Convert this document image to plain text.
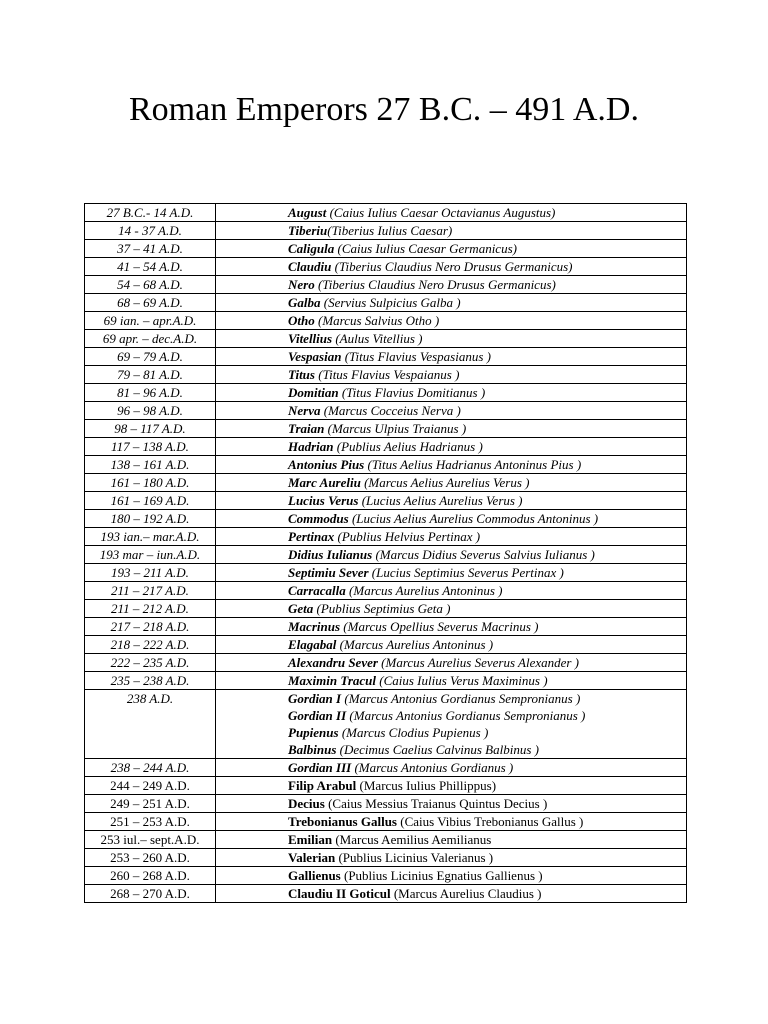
Roman Emperors 27 B.C. – 491 A.D.
27 B.C.- 14 A.D.	August (Caius Iulius Caesar Octavianus Augustus)

14 - 37 A.D.	Tiberiu(Tiberius Iulius Caesar)

37 – 41 A.D.	Caligula (Caius Iulius Caesar Germanicus)

41 – 54 A.D.	Claudiu (Tiberius Claudius Nero Drusus Germanicus)

54 – 68 A.D.	Nero (Tiberius Claudius Nero Drusus Germanicus)

68 – 69 A.D.	Galba (Servius Sulpicius Galba )

69 ian. – apr.A.D.	Otho (Marcus Salvius Otho )

69 apr. – dec.A.D.	Vitellius (Aulus Vitellius )

69 – 79 A.D.	Vespasian (Titus Flavius Vespasianus )

79 – 81 A.D.	Titus (Titus Flavius Vespaianus )

81 – 96 A.D.	Domitian (Titus Flavius Domitianus )

96 – 98 A.D.	Nerva (Marcus Cocceius Nerva )

98 – 117 A.D.	Traian (Marcus Ulpius Traianus )

117 – 138 A.D.	Hadrian (Publius Aelius Hadrianus )

138 – 161 A.D.	Antonius Pius (Titus Aelius Hadrianus Antoninus Pius )

161 – 180 A.D.	Marc Aureliu (Marcus Aelius Aurelius Verus )

161 – 169 A.D.	Lucius Verus (Lucius Aelius Aurelius Verus )

180 – 192 A.D.	Commodus (Lucius Aelius Aurelius Commodus Antoninus )

193 ian.– mar.A.D.	Pertinax (Publius Helvius Pertinax )

193 mar – iun.A.D.	Didius Iulianus (Marcus Didius Severus Salvius Iulianus )

193 – 211 A.D.	Septimiu Sever (Lucius Septimius Severus Pertinax )

211 – 217 A.D.	Carracalla (Marcus Aurelius Antoninus )

211 – 212 A.D.	Geta (Publius Septimius Geta )

217 – 218 A.D.	Macrinus (Marcus Opellius Severus Macrinus )

218 – 222 A.D.	Elagabal (Marcus Aurelius Antoninus )

222 – 235 A.D.	Alexandru Sever (Marcus Aurelius Severus Alexander )

235 – 238 A.D.	Maximin Tracul (Caius Iulius Verus Maximinus )

238 A.D.	Gordian I (Marcus Antonius Gordianus Sempronianus )
Gordian II (Marcus Antonius Gordianus Sempronianus )
Pupienus (Marcus Clodius Pupienus )
Balbinus (Decimus Caelius Calvinus Balbinus )

238 – 244 A.D.	Gordian III (Marcus Antonius Gordianus )

244 – 249 A.D.	Filip Arabul (Marcus Iulius Phillippus)

249 – 251 A.D.	Decius (Caius Messius Traianus Quintus Decius )

251 – 253 A.D.	Trebonianus Gallus (Caius Vibius Trebonianus Gallus )

253 iul.– sept.A.D.	Emilian (Marcus Aemilius Aemilianus

253 – 260 A.D.	Valerian (Publius Licinius Valerianus )

260 – 268 A.D.	Gallienus (Publius Licinius Egnatius Gallienus )

268 – 270 A.D.	Claudiu II Goticul (Marcus Aurelius Claudius )
